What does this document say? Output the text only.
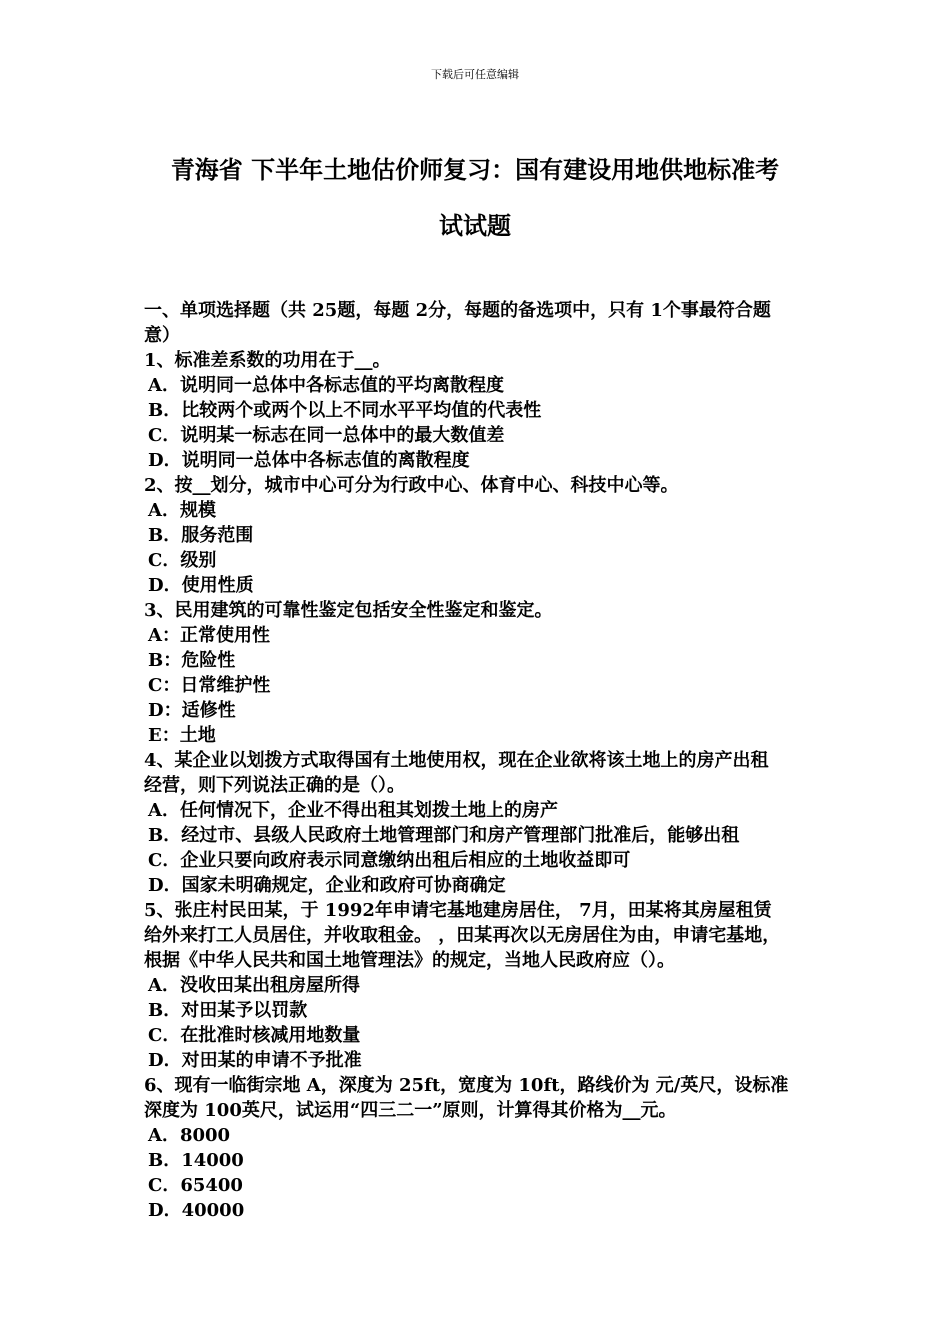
下载后可任意编辑
青海省 下半年土地估价师复习：国有建设用地供地标准考
试试题
一、单项选择题（共 25题，每题 2分，每题的备选项中，只有 1个事最符合题
意）
1、标准差系数的功用在于__。
A．说明同一总体中各标志值的平均离散程度
B．比较两个或两个以上不同水平平均值的代表性
C．说明某一标志在同一总体中的最大数值差
D．说明同一总体中各标志值的离散程度
2、按__划分，城市中心可分为行政中心、体育中心、科技中心等。
A．规模
B．服务范围
C．级别
D．使用性质
3、民用建筑的可靠性鉴定包括安全性鉴定和鉴定。
A：正常使用性
B：危险性
C：日常维护性
D：适修性
E：土地
4、某企业以划拨方式取得国有土地使用权，现在企业欲将该土地上的房产出租
经营，则下列说法正确的是（）。
A．任何情况下，企业不得出租其划拨土地上的房产
B．经过市、县级人民政府土地管理部门和房产管理部门批准后，能够出租
C．企业只要向政府表示同意缴纳出租后相应的土地收益即可
D．国家未明确规定，企业和政府可协商确定
5、张庄村民田某，于 1992年申请宅基地建房居住， 7月，田某将其房屋租赁
给外来打工人员居住，并收取租金。 ，田某再次以无房居住为由，申请宅基地，
根据《中华人民共和国土地管理法》的规定，当地人民政府应（）。
A．没收田某出租房屋所得
B．对田某予以罚款
C．在批准时核减用地数量
D．对田某的申请不予批准
6、现有一临街宗地 A，深度为 25ft，宽度为 10ft，路线价为 元/英尺，设标准
深度为 100英尺，试运用“四三二一”原则，计算得其价格为__元。
A．8000
B．14000
C．65400
D．40000
